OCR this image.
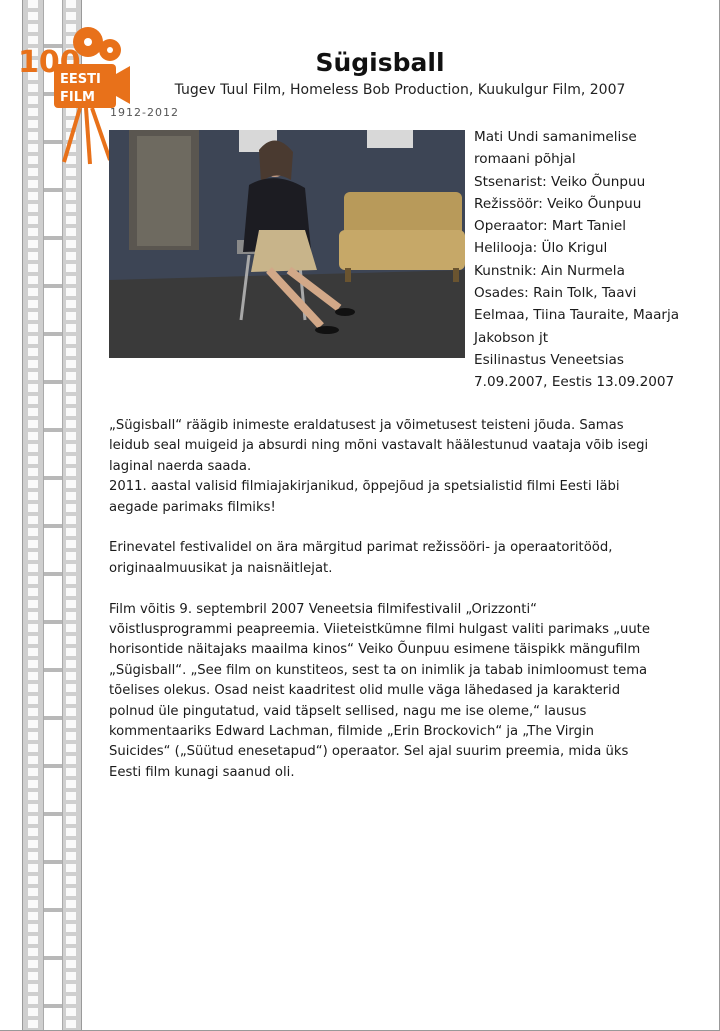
100
EESTI
FILM
1912-2012
Sügisball
Tugev Tuul Film, Homeless Bob Production, Kuukulgur Film, 2007
Mati Undi samanimelise
romaani põhjal
Stsenarist: Veiko Õunpuu
Režissöör: Veiko Õunpuu
Operaator: Mart Taniel
Helilooja: Ülo Krigul
Kunstnik: Ain Nurmela
Osades: Rain Tolk, Taavi
Eelmaa, Tiina Tauraite, Maarja
Jakobson jt
Esilinastus Veneetsias
7.09.2007, Eestis 13.09.2007

„Sügisball“ räägib inimeste eraldatusest ja võimetusest teisteni jõuda. Samas

leidub seal muigeid ja absurdi ning mõni vastavalt häälestunud vaataja võib isegi

laginal naerda saada.

2011. aastal valisid filmiajakirjanikud, õppejõud ja spetsialistid filmi Eesti läbi

aegade parimaks filmiks!

Erinevatel festivalidel on ära märgitud parimat režissööri- ja operaatoritööd,

originaalmuusikat ja naisnäitlejat.

Film võitis 9. septembril 2007 Veneetsia filmifestivalil „Orizzonti“

võistlusprogrammi peapreemia. Viieteistkümne filmi hulgast valiti parimaks „uute

horisontide näitajaks maailma kinos“ Veiko Õunpuu esimene täispikk mängufilm

„Sügisball“. „See film on kunstiteos, sest ta on inimlik ja tabab inimloomust tema

tõelises olekus. Osad neist kaadritest olid mulle väga lähedased ja karakterid

polnud üle pingutatud, vaid täpselt sellised, nagu me ise oleme,“ lausus

kommentaariks Edward Lachman, filmide „Erin Brockovich“ ja „The Virgin

Suicides“ („Süütud enesetapud“) operaator. Sel ajal suurim preemia, mida üks

Eesti film kunagi saanud oli.
